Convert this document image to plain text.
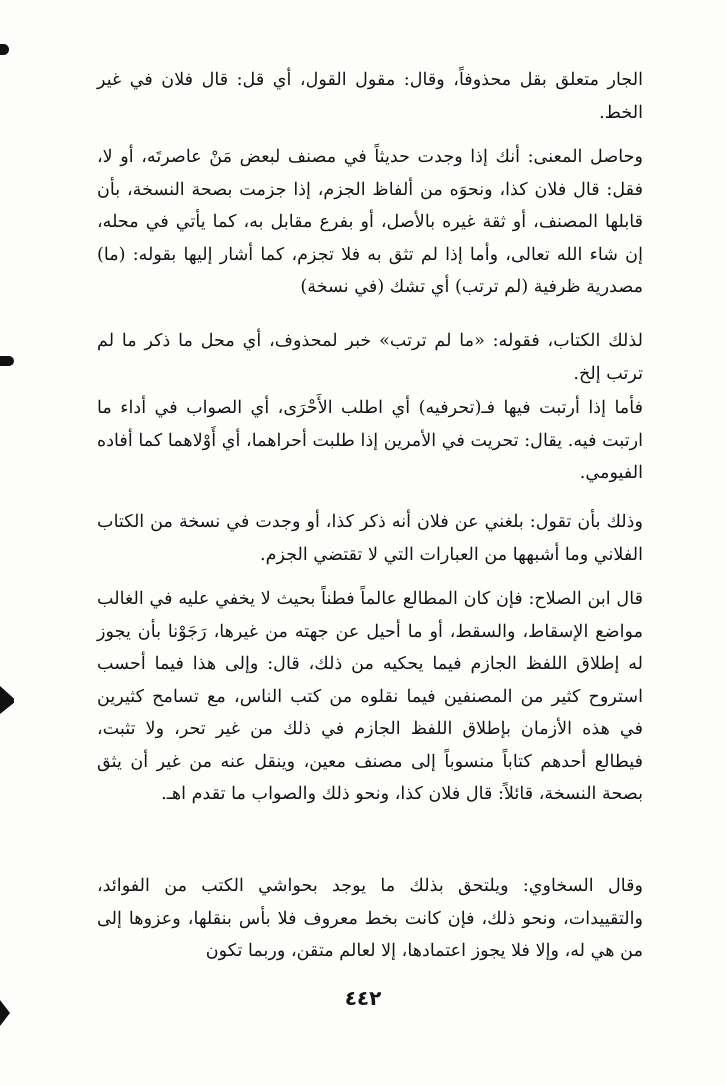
الجار متعلق بقل محذوفاً، وقال: مقول القول، أي قل: قال فلان في غير الخط.

وحاصل المعنى: أنك إذا وجدت حديثاً في مصنف لبعض مَنْ عاصرتَه، أو لا، فقل: قال فلان كذا، ونحوَه من ألفاظ الجزم، إذا جزمت بصحة النسخة، بأن قابلها المصنف، أو ثقة غيره بالأصل، أو بفرع مقابل به، كما يأتي في محله، إن شاء الله تعالى، وأما إذا لم تثق به فلا تجزم، كما أشار إليها بقوله: (ما) مصدرية ظرفية (لم ترتب) أي تشك (في نسخة)

لذلك الكتاب، فقوله: «ما لم ترتب» خبر لمحذوف، أي محل ما ذكر ما لم ترتب إلخ.

فأما إذا أرتبت فيها فـ(تحرفيه) أي اطلب الأَحْرَى، أي الصواب في أداء ما ارتبت فيه. يقال: تحريت في الأمرين إذا طلبت أحراهما، أي أَوْلاهما كما أفاده الفيومي.

وذلك بأن تقول: بلغني عن فلان أنه ذكر كذا، أو وجدت في نسخة من الكتاب الفلاني وما أشبهها من العبارات التي لا تقتضي الجزم.

قال ابن الصلاح: فإن كان المطالع عالماً فطناً بحيث لا يخفي عليه في الغالب مواضع الإسقاط، والسقط، أو ما أحيل عن جهته من غيرها، رَجَوْنا بأن يجوز له إطلاق اللفظ الجازم فيما يحكيه من ذلك، قال: وإلى هذا فيما أحسب استروح كثير من المصنفين فيما نقلوه من كتب الناس، مع تسامح كثيرين في هذه الأزمان بإطلاق اللفظ الجازم في ذلك من غير تحر، ولا تثبت، فيطالع أحدهم كتاباً منسوباً إلى مصنف معين، وينقل عنه من غير أن يثق بصحة النسخة، قائلاً: قال فلان كذا، ونحو ذلك والصواب ما تقدم اهـ.

وقال السخاوي: ويلتحق بذلك ما يوجد بحواشي الكتب من الفوائد، والتقييدات، ونحو ذلك، فإن كانت بخط معروف فلا بأس بنقلها، وعزوها إلى من هي له، وإلا فلا يجوز اعتمادها، إلا لعالم متقن، وربما تكون

٤٤٢
